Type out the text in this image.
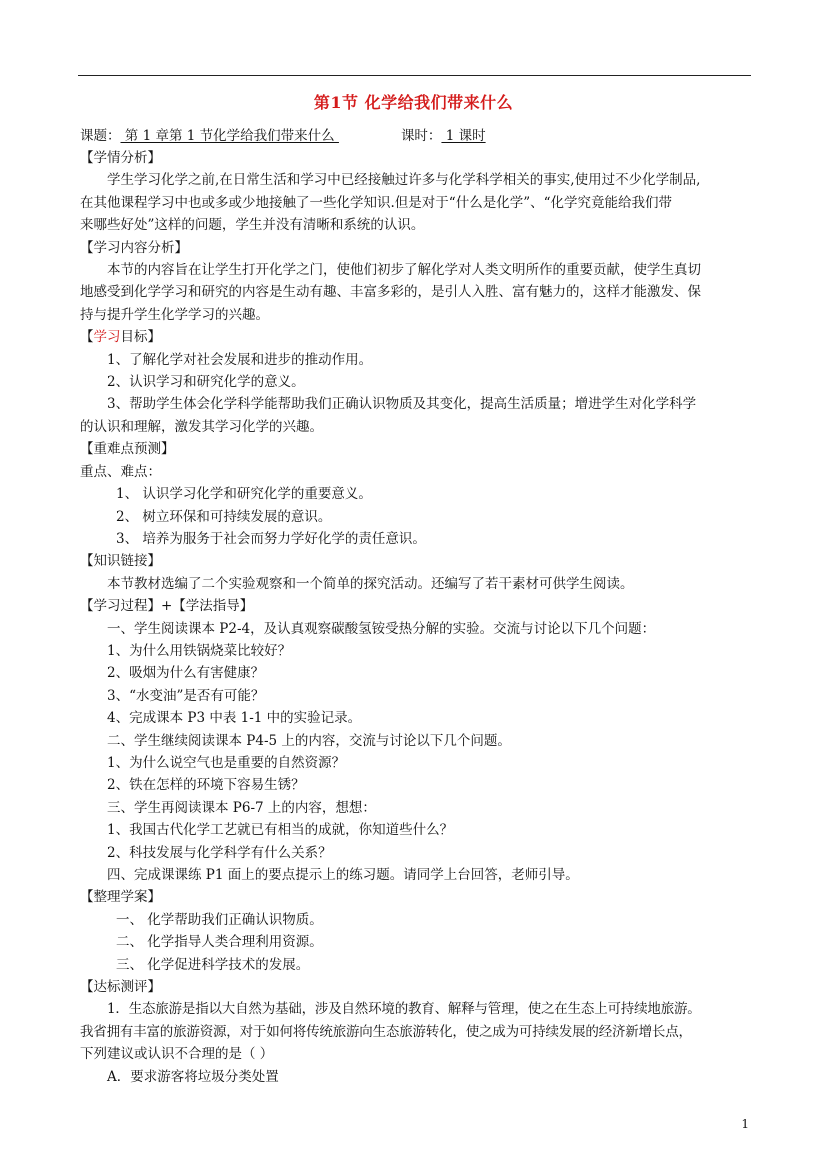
第1节 化学给我们带来什么
课题： 第 1 章第 1 节化学给我们带来什么	课时： 1 课时

【学情分析】

学生学习化学之前,在日常生活和学习中已经接触过许多与化学科学相关的事实,使用过不少化学制品,

在其他课程学习中也或多或少地接触了一些化学知识.但是对于“什么是化学”、“化学究竟能给我们带

来哪些好处”这样的问题，学生并没有清晰和系统的认识。

【学习内容分析】

本节的内容旨在让学生打开化学之门，使他们初步了解化学对人类文明所作的重要贡献，使学生真切

地感受到化学学习和研究的内容是生动有趣、丰富多彩的，是引人入胜、富有魅力的，这样才能激发、保

持与提升学生化学学习的兴趣。

【学习目标】

1、了解化学对社会发展和进步的推动作用。

2、认识学习和研究化学的意义。

3、帮助学生体会化学科学能帮助我们正确认识物质及其变化，提高生活质量；增进学生对化学科学

的认识和理解，激发其学习化学的兴趣。

【重难点预测】

重点、难点：

1、 认识学习化学和研究化学的重要意义。

2、 树立环保和可持续发展的意识。

3、 培养为服务于社会而努力学好化学的责任意识。

【知识链接】

本节教材选编了二个实验观察和一个简单的探究活动。还编写了若干素材可供学生阅读。

【学习过程】+【学法指导】

一、学生阅读课本 P2-4，及认真观察碳酸氢铵受热分解的实验。交流与讨论以下几个问题：

1、为什么用铁锅烧菜比较好？

2、吸烟为什么有害健康？

3、“水变油”是否有可能？

4、完成课本 P3 中表 1-1 中的实验记录。

二、学生继续阅读课本 P4-5 上的内容，交流与讨论以下几个问题。

1、为什么说空气也是重要的自然资源？

2、铁在怎样的环境下容易生锈？

三、学生再阅读课本 P6-7 上的内容，想想：

1、我国古代化学工艺就已有相当的成就，你知道些什么？

2、科技发展与化学科学有什么关系？

四、完成课课练 P1 面上的要点提示上的练习题。请同学上台回答，老师引导。

【整理学案】

一、 化学帮助我们正确认识物质。

二、 化学指导人类合理利用资源。

三、 化学促进科学技术的发展。

【达标测评】

1．生态旅游是指以大自然为基础，涉及自然环境的教育、解释与管理，使之在生态上可持续地旅游。

我省拥有丰富的旅游资源，对于如何将传统旅游向生态旅游转化，使之成为可持续发展的经济新增长点，

下列建议或认识不合理的是（ ）

A．要求游客将垃圾分类处置

1
